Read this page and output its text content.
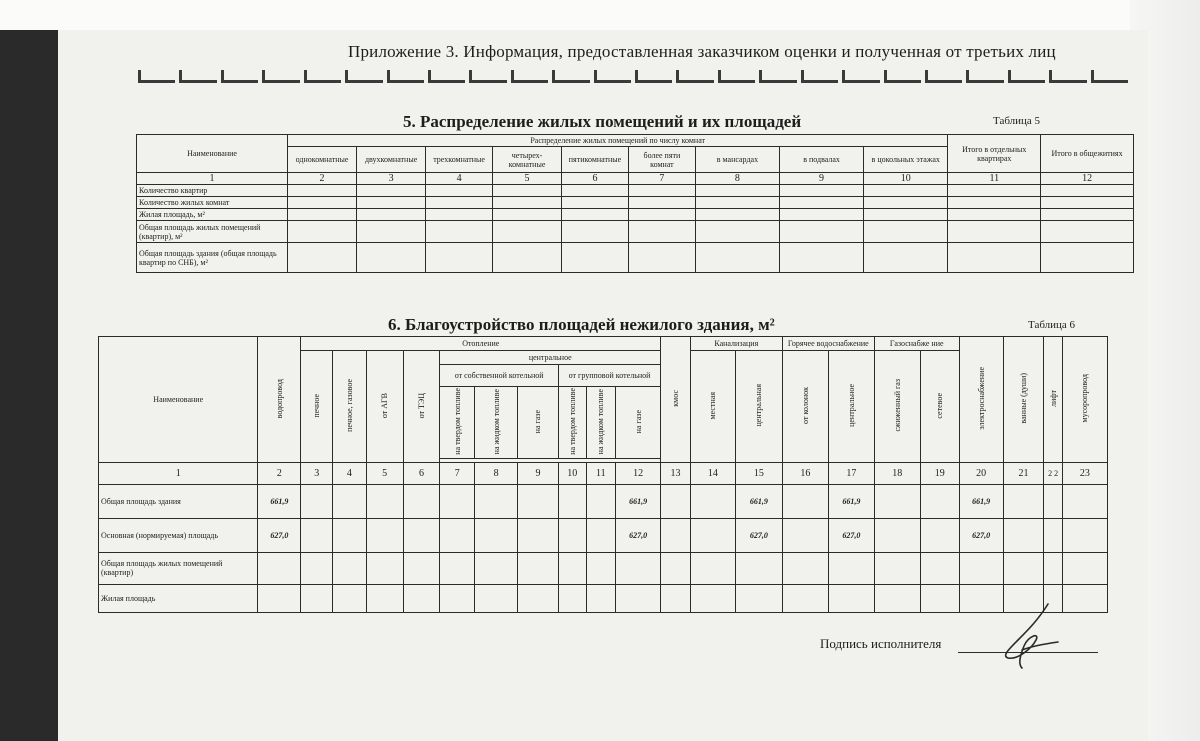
Приложение 3. Информация, предоставленная заказчиком оценки и полученная от третьих лиц
5. Распределение жилых помещений и их площадей	Таблица 5
Наименование	Распределение жилых помещений по числу комнат									Итого в отдельных квартирах	Итого в общежитиях
	однокомнатные	двухкомнатные	трехкомнатные	четырехкомнатные	пятикомнатные	более пяти комнат	в мансардах	в подвалах	в цокольных этажах		
1	2	3	4	5	6	7	8	9	10	11	12
Количество квартир											
Количество жилых комнат											
Жилая площадь, м²											
Общая площадь жилых помещений (квартир), м²											
Общая площадь здания (общая площадь квартир по СНБ), м²											
6. Благоустройство площадей нежилого здания, м²	Таблица 6
Наименование	водопровод	Отопление										кмос	Канализация		Горячее водоснабжение		Газоснабже ние		электроснабжение	ванные (души)	лифт	мусоропровод
		печное	печное, газовое	от АГВ	от ТЭЦ	центральное							местная	центральная	от колонок	центральное	сжиженный газ	сетевое				
						от собственной котельной			от групповой котельной													
						на твердом топливе	на жидком топливе	на газе	на твердом топливе	на жидком топливе	на газе											

1	2	3	4	5	6	7	8	9	10	11	12	13	14	15	16	17	18	19	20	21	2 2	23
Общая площадь здания	661,9										661,9			661,9		661,9			661,9			
Основная (нормируемая) площадь	627,0										627,0			627,0		627,0			627,0			
Общая площадь жилых помещений (квартир)																						
Жилая площадь																						
Подпись исполнителя
